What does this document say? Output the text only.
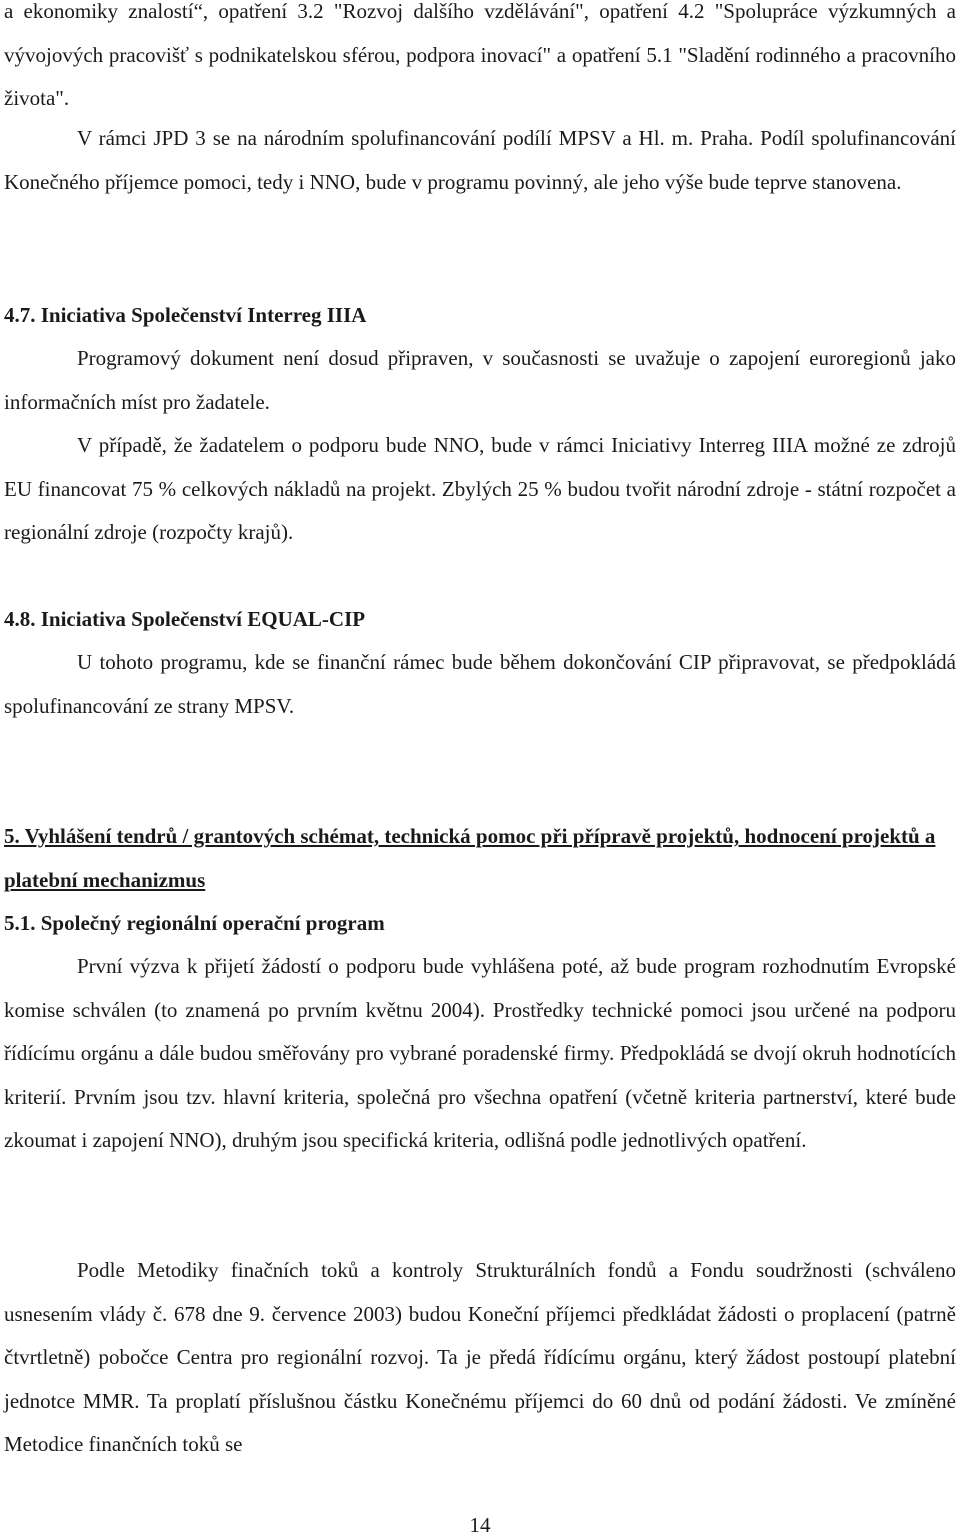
a ekonomiky znalostí“, opatření 3.2 "Rozvoj dalšího vzdělávání", opatření 4.2 "Spolupráce výzkumných a vývojových pracovišť s podnikatelskou sférou, podpora inovací" a opatření 5.1 "Sladění rodinného a pracovního života".

V rámci JPD 3 se na národním spolufinancování podílí MPSV a Hl. m. Praha. Podíl spolufinancování Konečného příjemce pomoci, tedy i NNO, bude v programu povinný, ale jeho výše bude teprve stanovena.

4.7. Iniciativa Společenství Interreg IIIA

Programový dokument není dosud připraven, v současnosti se uvažuje o zapojení euroregionů jako informačních míst pro žadatele.

V případě, že žadatelem o podporu bude NNO, bude v rámci Iniciativy Interreg IIIA možné ze zdrojů EU financovat 75 % celkových nákladů na projekt. Zbylých 25 % budou tvořit národní zdroje - státní rozpočet a regionální zdroje (rozpočty krajů).

4.8. Iniciativa Společenství EQUAL-CIP

U tohoto programu, kde se finanční rámec bude během dokončování CIP připravovat, se předpokládá spolufinancování ze strany MPSV.

5. Vyhlášení tendrů / grantových schémat, technická pomoc při přípravě projektů, hodnocení projektů a platební mechanizmus
5.1. Společný regionální operační program

První výzva k přijetí žádostí o podporu bude vyhlášena poté, až bude program rozhodnutím Evropské komise schválen (to znamená po prvním květnu 2004). Prostředky technické pomoci jsou určené na podporu řídícímu orgánu a dále budou směřovány pro vybrané poradenské firmy. Předpokládá se dvojí okruh hodnotících kriterií. Prvním jsou tzv. hlavní kriteria, společná pro všechna opatření (včetně kriteria partnerství, které bude zkoumat i zapojení NNO), druhým jsou specifická kriteria, odlišná podle jednotlivých opatření.

Podle Metodiky finačních toků a kontroly Strukturálních fondů a Fondu soudržnosti (schváleno usnesením vlády č. 678 dne 9. července 2003) budou Koneční příjemci předkládat žádosti o proplacení (patrně čtvrtletně) pobočce Centra pro regionální rozvoj. Ta je předá řídícímu orgánu, který žádost postoupí platební jednotce MMR. Ta proplatí příslušnou částku Konečnému příjemci do 60 dnů od podání žádosti. Ve zmíněné Metodice finančních toků se

14
